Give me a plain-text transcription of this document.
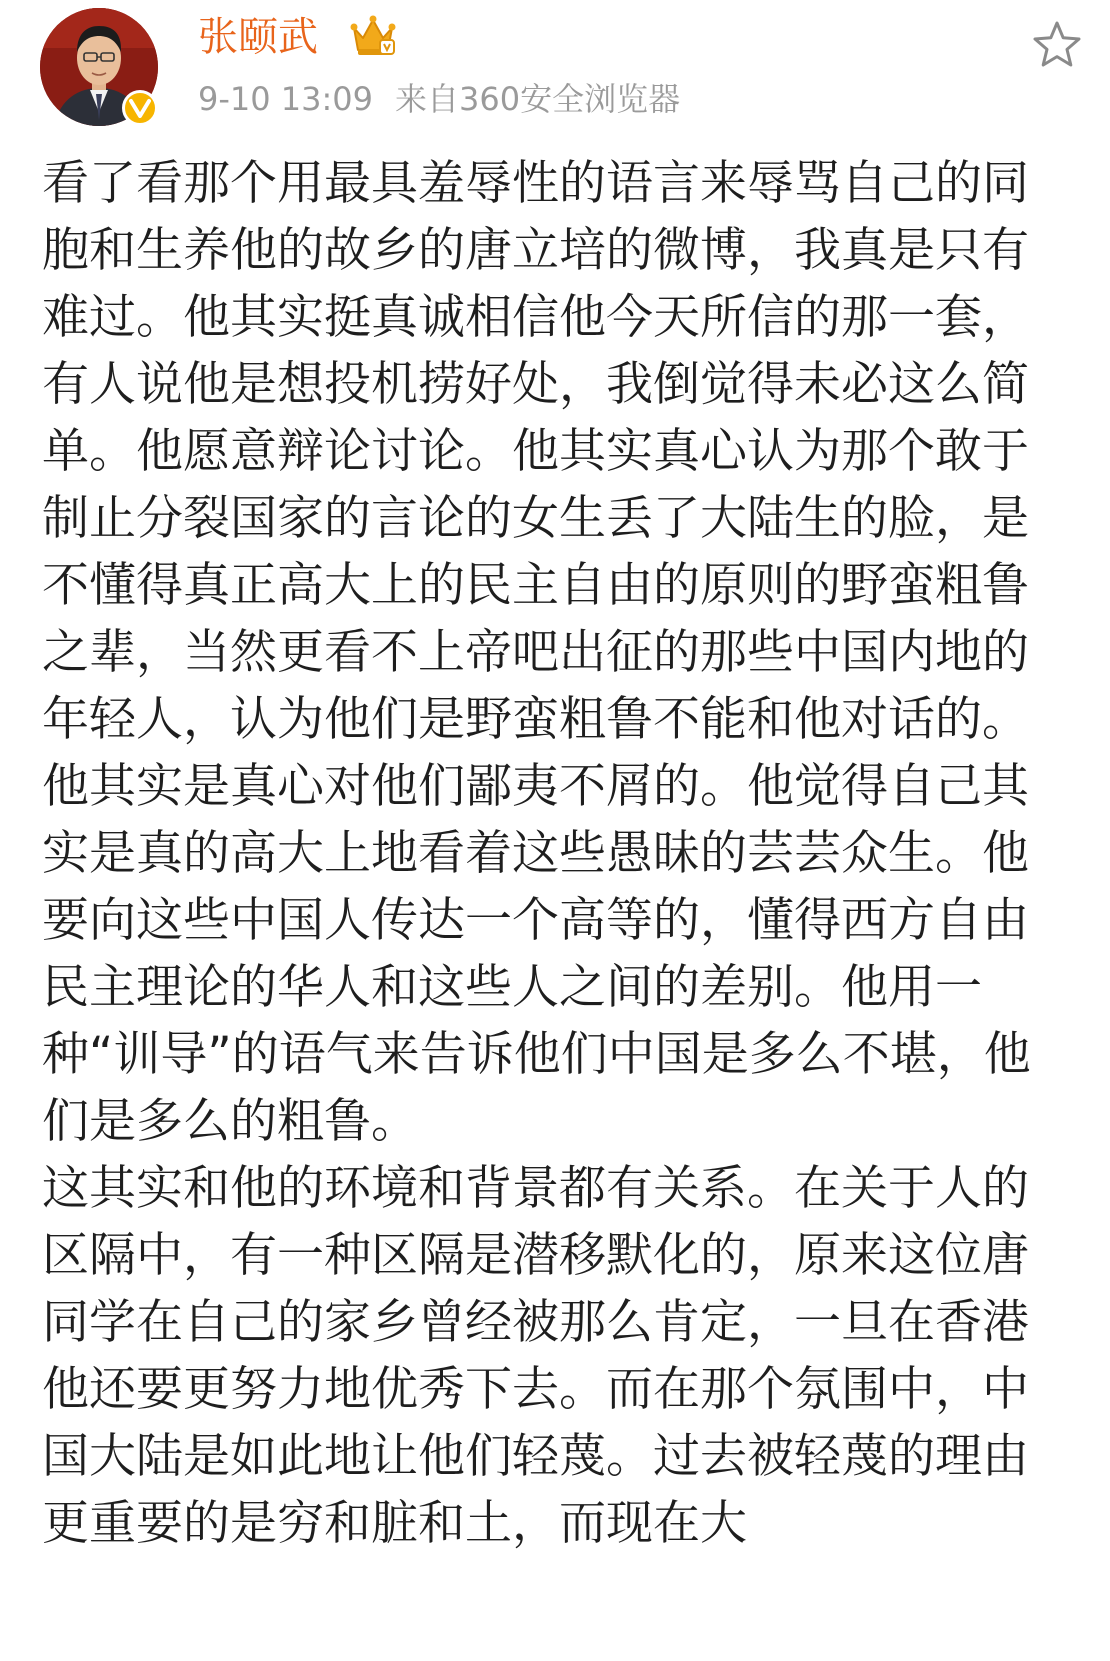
张颐武
9-10 13:09 来自360安全浏览器

看了看那个用最具羞辱性的语言来辱骂自己的同胞和生养他的故乡的唐立培的微博，我真是只有难过。他其实挺真诚相信他今天所信的那一套，有人说他是想投机捞好处，我倒觉得未必这么简单。他愿意辩论讨论。他其实真心认为那个敢于制止分裂国家的言论的女生丢了大陆生的脸，是不懂得真正高大上的民主自由的原则的野蛮粗鲁之辈，当然更看不上帝吧出征的那些中国内地的年轻人，认为他们是野蛮粗鲁不能和他对话的。他其实是真心对他们鄙夷不屑的。他觉得自己其实是真的高大上地看着这些愚昧的芸芸众生。他要向这些中国人传达一个高等的，懂得西方自由民主理论的华人和这些人之间的差别。他用一种“训导”的语气来告诉他们中国是多么不堪，他们是多么的粗鲁。

这其实和他的环境和背景都有关系。在关于人的区隔中，有一种区隔是潜移默化的，原来这位唐同学在自己的家乡曾经被那么肯定，一旦在香港他还要更努力地优秀下去。而在那个氛围中，中国大陆是如此地让他们轻蔑。过去被轻蔑的理由更重要的是穷和脏和土，而现在大
